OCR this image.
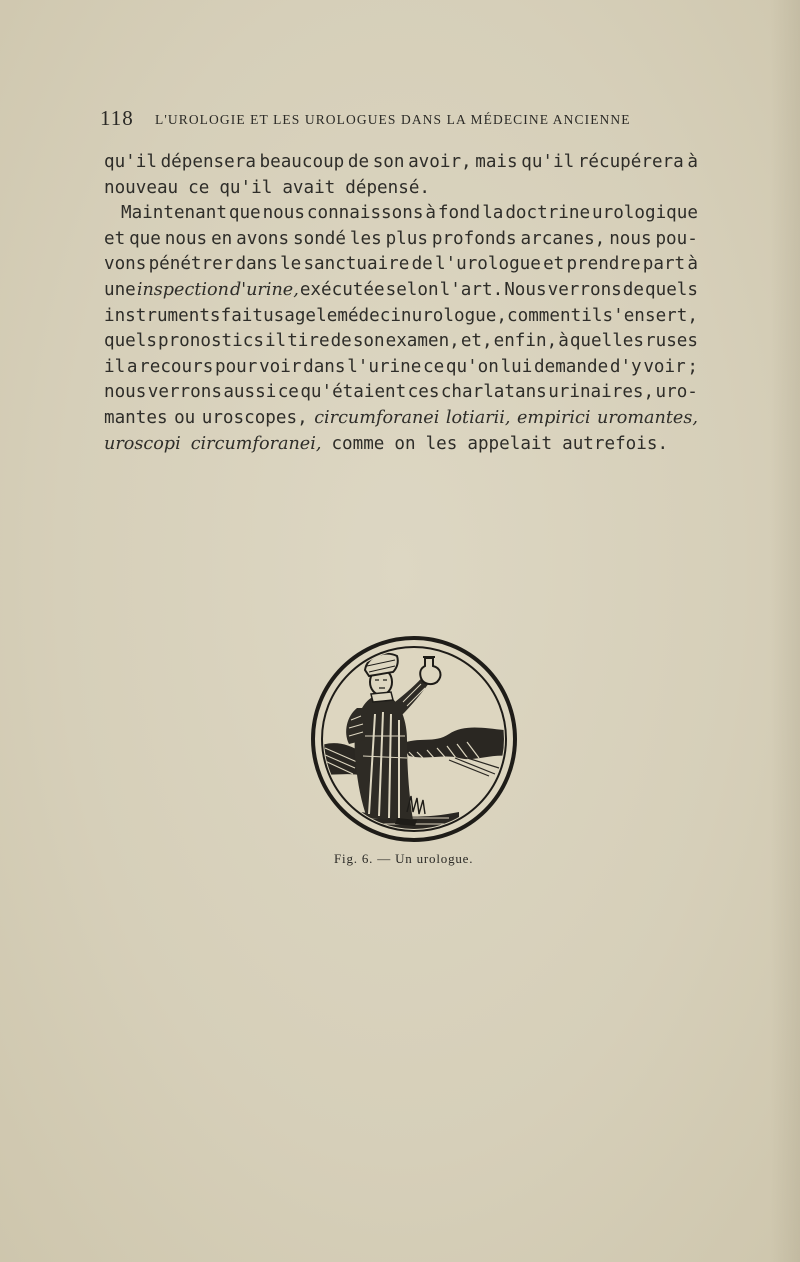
118 L'UROLOGIE ET LES UROLOGUES DANS LA MÉDECINE ANCIENNE
qu'il dépensera beaucoup de son avoir, mais qu'il récupérera à
nouveau
ce
qu'il
avait
dépensé.
Maintenant que nous connaissons à fond la doctrine urologique
et que nous en avons sondé les plus profonds arcanes, nous pou-
vons pénétrer dans le sanctuaire de l'urologue et prendre part à
une inspection d'urine, exécutée selon l'art. Nous verrons de quels
instruments fait usage le médecin urologue, comment il s'en sert,
quels pronostics il tire de son examen, et, enfin, à quelles ruses
il a recours pour voir dans l'urine ce qu'on lui demande d'y voir ;
nous verrons aussi ce qu'étaient ces charlatans urinaires, uro-
mantes ou uroscopes, circumforanei lotiarii, empirici uromantes,
uroscopi
circumforanei,
comme
on
les
appelait
autrefois.
Fig. 6. — Un urologue.
